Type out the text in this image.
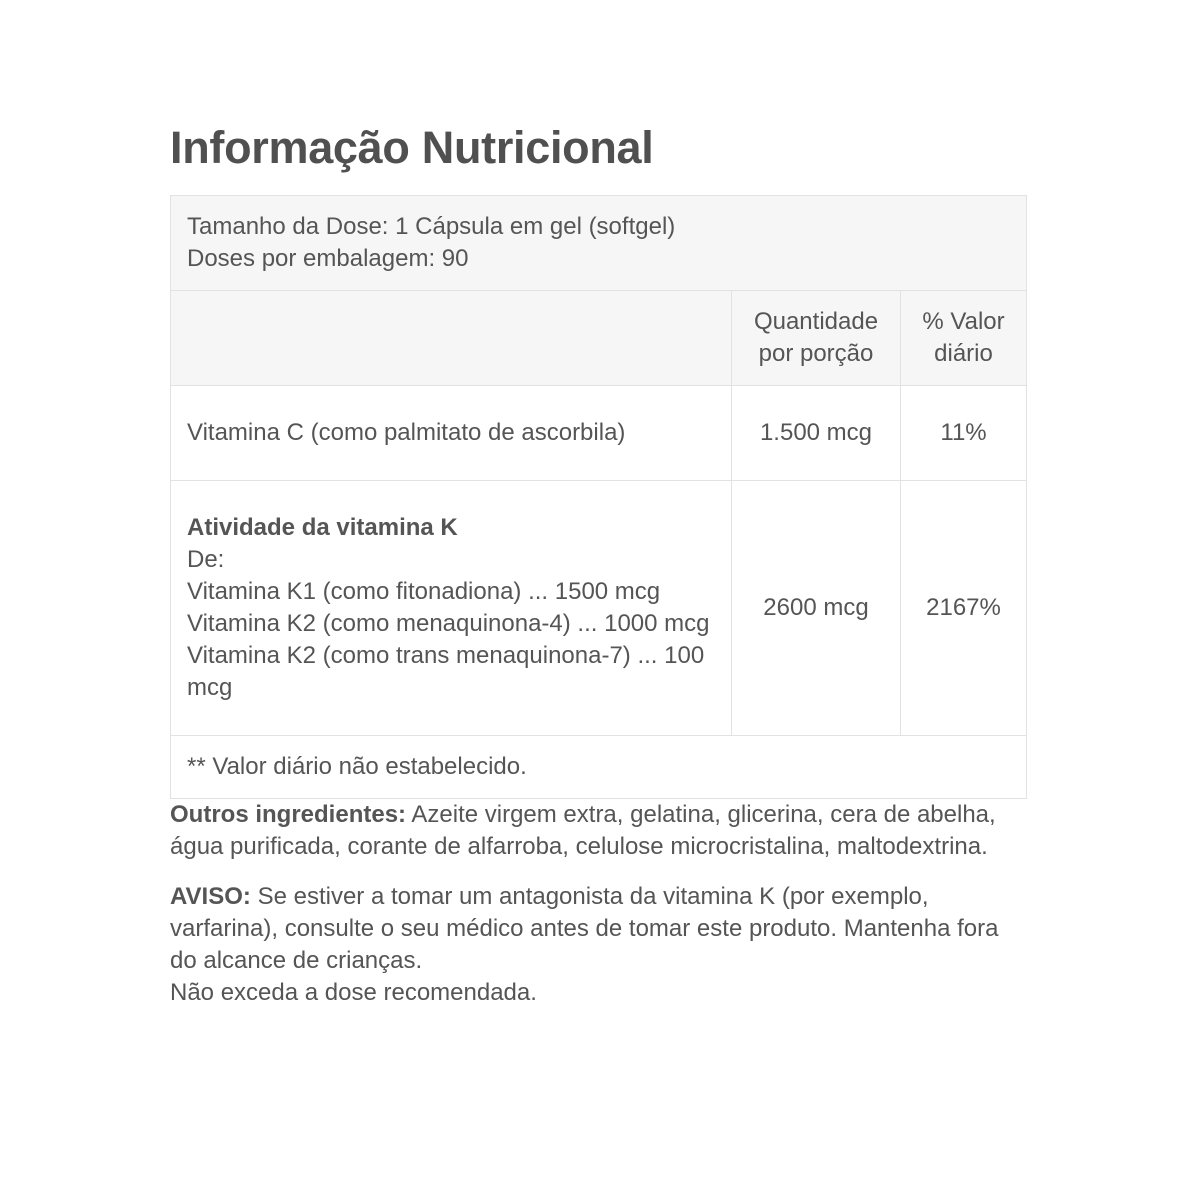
Informação Nutricional
Tamanho da Dose: 1 Cápsula em gel (softgel)
Doses por embalagem: 90		

	Quantidade por porção	% Valor diário
Vitamina C (como palmitato de ascorbila)	1.500 mcg	11%

Atividade da vitamina K
De:
Vitamina K1 (como fitonadiona) ... 1500 mcg
Vitamina K2 (como menaquinona-4) ... 1000 mcg
Vitamina K2 (como trans menaquinona-7) ... 100 mcg	2600 mcg	2167%
** Valor diário não estabelecido.		

Outros ingredientes: Azeite virgem extra, gelatina, glicerina, cera de abelha, água purificada, corante de alfarroba, celulose microcristalina, maltodextrina.

AVISO: Se estiver a tomar um antagonista da vitamina K (por exemplo, varfarina), consulte o seu médico antes de tomar este produto. Mantenha fora do alcance de crianças.
Não exceda a dose recomendada.
